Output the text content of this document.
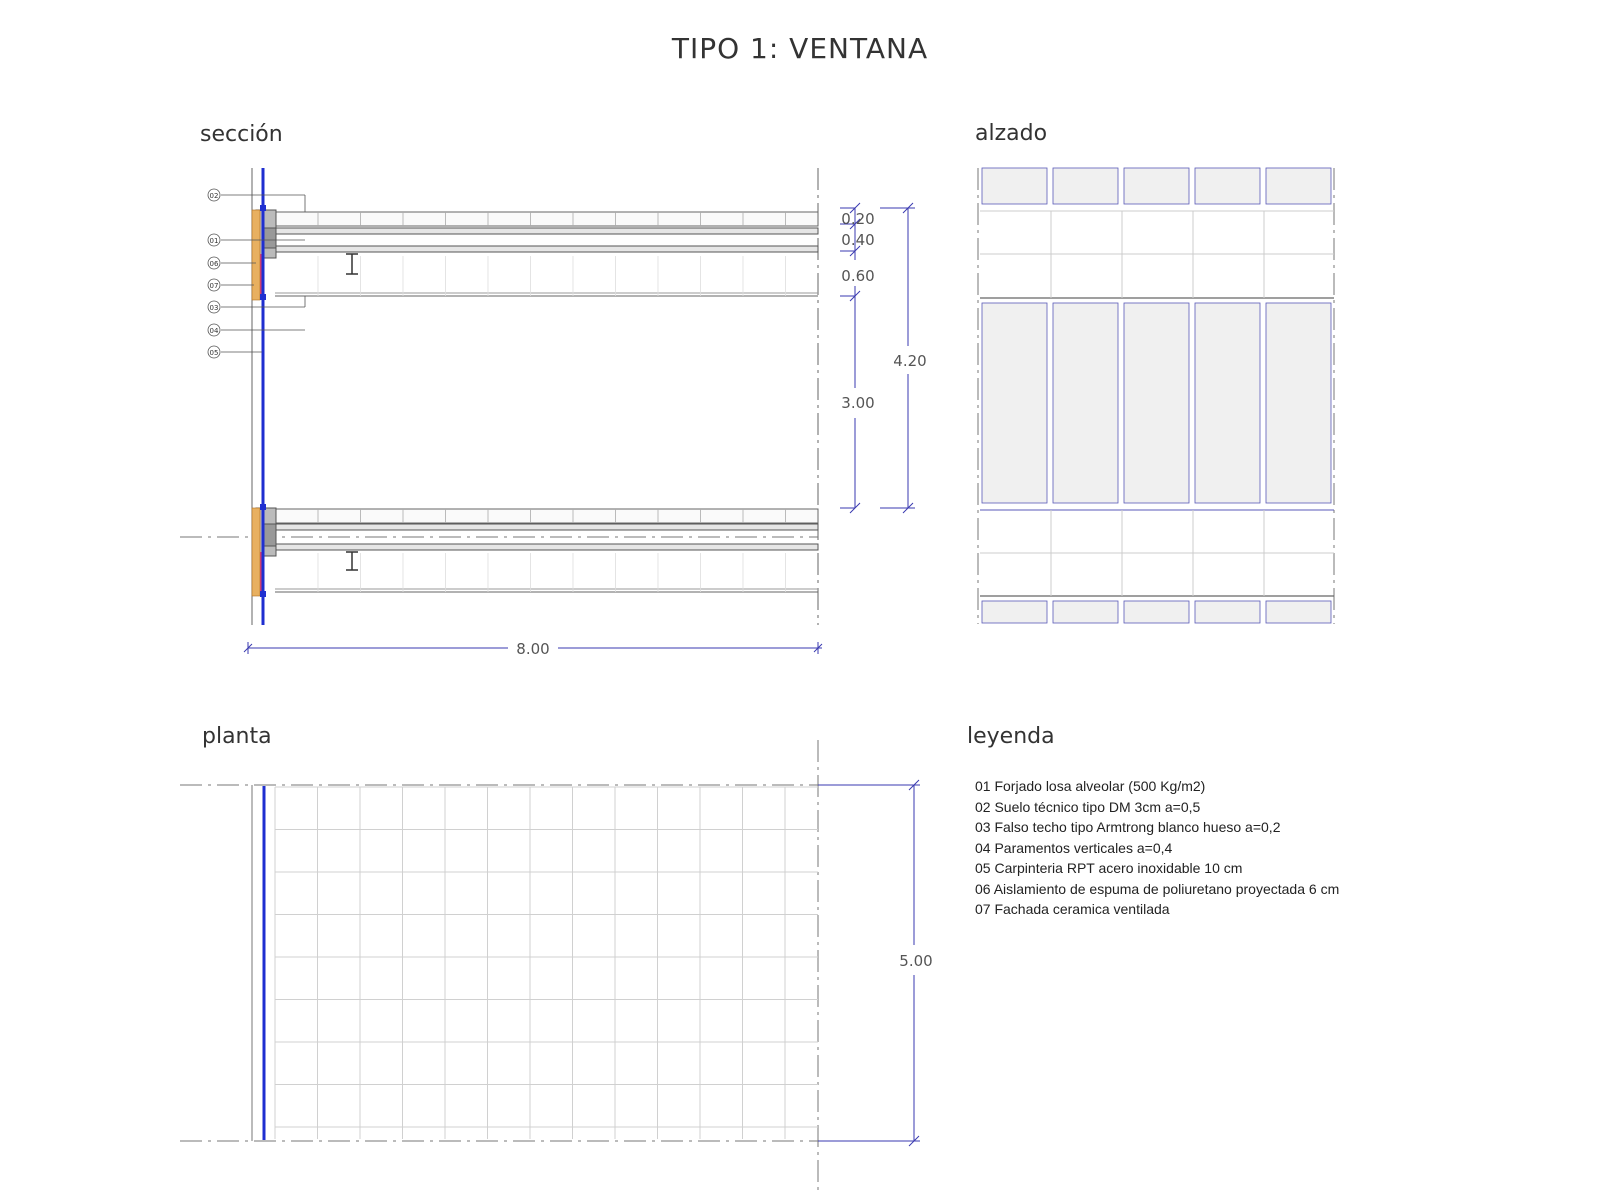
TIPO 1: VENTANA
sección	alzado
planta	leyenda
02
01
06
07
03
04
05
8.00
0.20
0.40
0.60
3.00
4.20
5.00
01 Forjado losa alveolar (500 Kg/m2)
02 Suelo técnico tipo DM 3cm a=0,5
03 Falso techo tipo Armtrong blanco hueso a=0,2
04 Paramentos verticales a=0,4
05 Carpinteria RPT acero inoxidable 10 cm
06 Aislamiento de espuma de poliuretano proyectada 6 cm
07 Fachada ceramica ventilada
